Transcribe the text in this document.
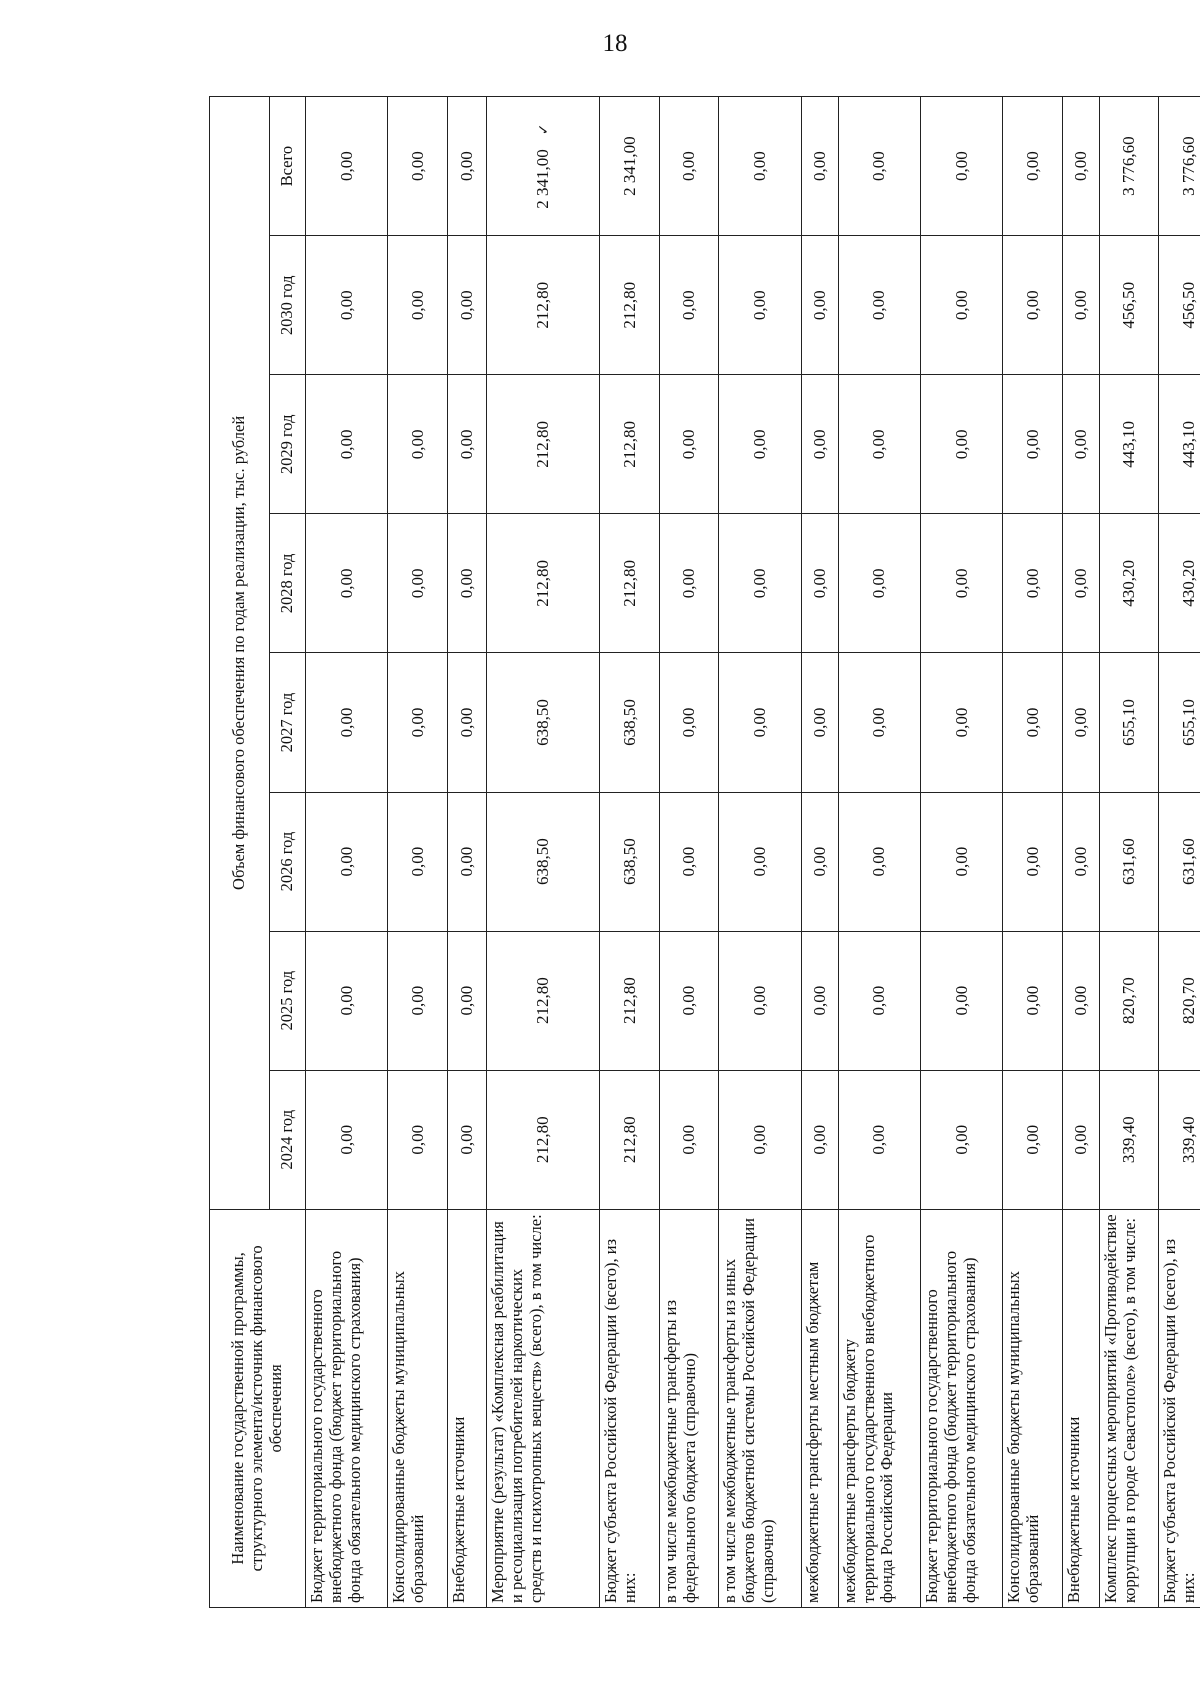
18
Наименование государственной программы, структурного элемента/источник финансового обеспечения	Объем финансового обеспечения по годам реализации, тыс. рублей							
	2024 год	2025 год	2026 год	2027 год	2028 год	2029 год	2030 год	Всего
Бюджет территориального государственного внебюджетного фонда (бюджет территориального фонда обязательного медицинского страхования)	0,00	0,00	0,00	0,00	0,00	0,00	0,00	0,00
Консолидированные бюджеты муниципальных образований	0,00	0,00	0,00	0,00	0,00	0,00	0,00	0,00
Внебюджетные источники	0,00	0,00	0,00	0,00	0,00	0,00	0,00	0,00
Мероприятие (результат) «Комплексная реабилитация и ресоциализация потребителей наркотических средств и психотропных веществ» (всего), в том числе:	212,80	212,80	638,50	638,50	212,80	212,80	212,80	2 341,00✓
Бюджет субъекта Российской Федерации (всего), из них:	212,80	212,80	638,50	638,50	212,80	212,80	212,80	2 341,00
в том числе межбюджетные трансферты из федерального бюджета (справочно)	0,00	0,00	0,00	0,00	0,00	0,00	0,00	0,00
в том числе межбюджетные трансферты из иных бюджетов бюджетной системы Российской Федерации (справочно)	0,00	0,00	0,00	0,00	0,00	0,00	0,00	0,00
межбюджетные трансферты местным бюджетам	0,00	0,00	0,00	0,00	0,00	0,00	0,00	0,00
межбюджетные трансферты бюджету территориального государственного внебюджетного фонда Российской Федерации	0,00	0,00	0,00	0,00	0,00	0,00	0,00	0,00
Бюджет территориального государственного внебюджетного фонда (бюджет территориального фонда обязательного медицинского страхования)	0,00	0,00	0,00	0,00	0,00	0,00	0,00	0,00
Консолидированные бюджеты муниципальных образований	0,00	0,00	0,00	0,00	0,00	0,00	0,00	0,00
Внебюджетные источники	0,00	0,00	0,00	0,00	0,00	0,00	0,00	0,00
Комплекс процессных мероприятий «Противодействие коррупции в городе Севастополе» (всего), в том числе:	339,40	820,70	631,60	655,10	430,20	443,10	456,50	3 776,60
Бюджет субъекта Российской Федерации (всего), из них:	339,40	820,70	631,60	655,10	430,20	443,10	456,50	3 776,60
